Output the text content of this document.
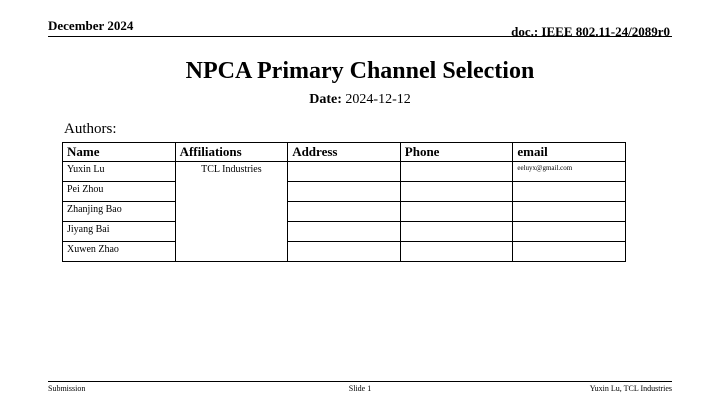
December 2024	doc.: IEEE 802.11-24/2089r0
NPCA Primary Channel Selection
Date: 2024-12-12
Authors:
Name	Affiliations	Address	Phone	email
Yuxin Lu	TCL Industries			eeluyx@gmail.com
Pei Zhou				
Zhanjing Bao				
Jiyang Bai				
Xuwen Zhao				
Submission	Slide 1	Yuxin Lu, TCL Industries
